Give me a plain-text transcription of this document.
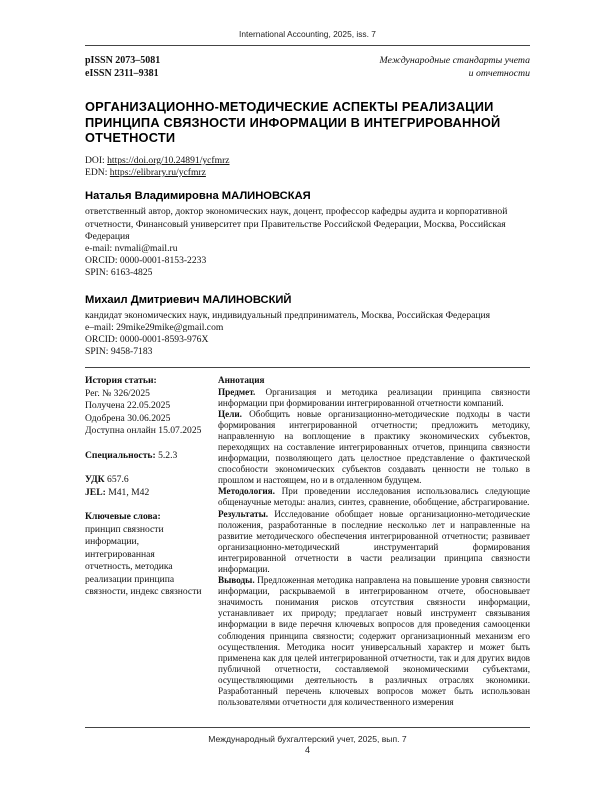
International Accounting, 2025, iss. 7
pISSN 2073–5081
eISSN 2311–9381
Международные стандарты учета
и отчетности
ОРГАНИЗАЦИОННО-МЕТОДИЧЕСКИЕ АСПЕКТЫ РЕАЛИЗАЦИИ ПРИНЦИПА СВЯЗНОСТИ ИНФОРМАЦИИ В ИНТЕГРИРОВАННОЙ ОТЧЕТНОСТИ
DOI: https://doi.org/10.24891/ycfmrz
EDN: https://elibrary.ru/ycfmrz
Наталья Владимировна МАЛИНОВСКАЯ
ответственный автор, доктор экономических наук, доцент, профессор кафедры аудита и корпоративной отчетности, Финансовый университет при Правительстве Российской Федерации, Москва, Российская Федерация
e-mail: nvmali@mail.ru
ORCID: 0000-0001-8153-2233
SPIN: 6163-4825
Михаил Дмитриевич МАЛИНОВСКИЙ
кандидат экономических наук, индивидуальный предприниматель, Москва, Российская Федерация
e–mail: 29mike29mike@gmail.com
ORCID: 0000-0001-8593-976X
SPIN: 9458-7183
История статьи:
Рег. № 326/2025
Получена 22.05.2025
Одобрена 30.06.2025
Доступна онлайн 15.07.2025
Специальность: 5.2.3
УДК 657.6
JEL: M41, M42
Ключевые слова:
принцип связности информации, интегрированная отчетность, методика реализации принципа связности, индекс связности
Аннотация

Предмет. Организация и методика реализации принципа связности информации при формировании интегрированной отчетности компаний.

Цели. Обобщить новые организационно-методические подходы в части формирования интегрированной отчетности; предложить методику, направленную на воплощение в практику экономических субъектов, переходящих на составление интегрированных отчетов, принципа связности информации, позволяющего дать целостное представление о фактической способности экономических субъектов создавать ценности не только в прошлом и настоящем, но и в отдаленном будущем.

Методология. При проведении исследования использовались следующие общенаучные методы: анализ, синтез, сравнение, обобщение, абстрагирование.

Результаты. Исследование обобщает новые организационно-методические положения, разработанные в последние несколько лет и направленные на развитие методического обеспечения интегрированной отчетности; развивает организационно-методический инструментарий формирования интегрированной отчетности в части реализации принципа связности информации.

Выводы. Предложенная методика направлена на повышение уровня связности информации, раскрываемой в интегрированном отчете, обосновывает значимость понимания рисков отсутствия связности информации, устанавливает их природу; предлагает новый инструмент связывания информации в виде перечня ключевых вопросов для проведения самооценки соблюдения принципа связности; содержит организационный механизм его осуществления. Методика носит универсальный характер и может быть применена как для целей интегрированной отчетности, так и для других видов публичной отчетности, составляемой экономическими субъектами, осуществляющими деятельность в различных отраслях экономики. Разработанный перечень ключевых вопросов может быть использован пользователями отчетности для количественного измерения

Международный бухгалтерский учет, 2025, вып. 7
4
